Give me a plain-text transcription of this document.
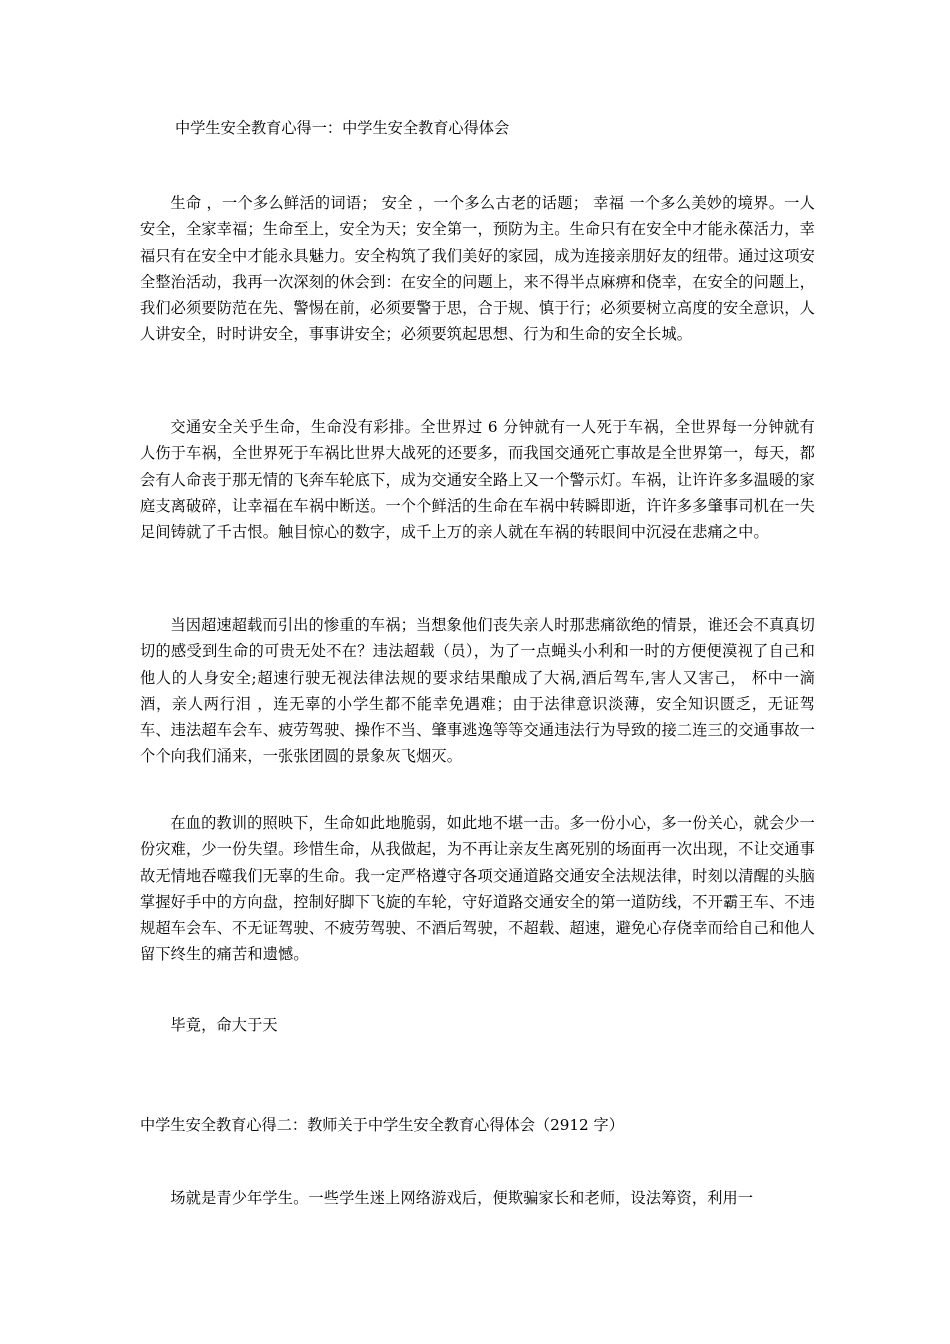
中学生安全教育心得一：中学生安全教育心得体会
生命 ，一个多么鲜活的词语； 安全 ，一个多么古老的话题； 幸福 一个多么美妙的境界。一人安全，全家幸福；生命至上，安全为天；安全第一，预防为主。生命只有在安全中才能永葆活力，幸福只有在安全中才能永具魅力。安全构筑了我们美好的家园，成为连接亲朋好友的纽带。通过这项安全整治活动，我再一次深刻的休会到：在安全的问题上，来不得半点麻痹和侥幸，在安全的问题上，我们必须要防范在先、警惕在前，必须要警于思，合于规、慎于行；必须要树立高度的安全意识，人人讲安全，时时讲安全，事事讲安全；必须要筑起思想、行为和生命的安全长城。
交通安全关乎生命，生命没有彩排。全世界过 6 分钟就有一人死于车祸，全世界每一分钟就有人伤于车祸，全世界死于车祸比世界大战死的还要多，而我国交通死亡事故是全世界第一，每天，都会有人命丧于那无情的飞奔车轮底下，成为交通安全路上又一个警示灯。车祸，让许许多多温暖的家庭支离破碎，让幸福在车祸中断送。一个个鲜活的生命在车祸中转瞬即逝，许许多多肇事司机在一失足间铸就了千古恨。触目惊心的数字，成千上万的亲人就在车祸的转眼间中沉浸在悲痛之中。
当因超速超载而引出的惨重的车祸；当想象他们丧失亲人时那悲痛欲绝的情景，谁还会不真真切切的感受到生命的可贵无处不在？违法超载（员），为了一点蝇头小利和一时的方便便漠视了自己和他人的人身安全;超速行驶无视法律法规的要求结果酿成了大祸,酒后驾车,害人又害己， 杯中一滴酒，亲人两行泪 ，连无辜的小学生都不能幸免遇难；由于法律意识淡薄，安全知识匮乏，无证驾车、违法超车会车、疲劳驾驶、操作不当、肇事逃逸等等交通违法行为导致的接二连三的交通事故一个个向我们涌来，一张张团圆的景象灰飞烟灭。
在血的教训的照映下，生命如此地脆弱，如此地不堪一击。多一份小心，多一份关心，就会少一份灾难，少一份失望。珍惜生命，从我做起，为不再让亲友生离死别的场面再一次出现，不让交通事故无情地吞噬我们无辜的生命。我一定严格遵守各项交通道路交通安全法规法律，时刻以清醒的头脑掌握好手中的方向盘，控制好脚下飞旋的车轮，守好道路交通安全的第一道防线，不开霸王车、不违规超车会车、不无证驾驶、不疲劳驾驶、不酒后驾驶，不超载、超速，避免心存侥幸而给自己和他人留下终生的痛苦和遗憾。
毕竟，命大于天
中学生安全教育心得二：教师关于中学生安全教育心得体会（2912 字）
场就是青少年学生。一些学生迷上网络游戏后，便欺骗家长和老师，设法筹资，利用一
